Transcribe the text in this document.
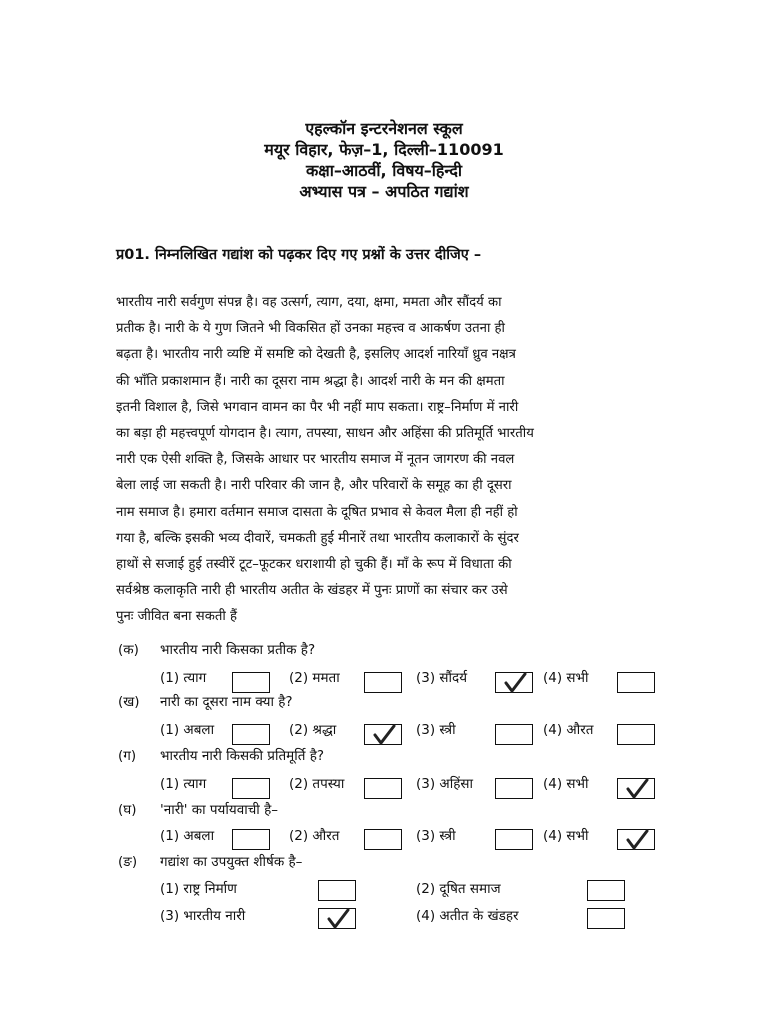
एहल्कॉन इन्टरनेशनल स्कूल
मयूर विहार, फेज़–1, दिल्ली–110091
कक्षा–आठवीं, विषय–हिन्दी
अभ्यास पत्र – अपठित गद्यांश
प्र01. निम्नलिखित गद्यांश को पढ़कर दिए गए प्रश्नों के उत्तर दीजिए –
भारतीय नारी सर्वगुण संपन्न है। वह उत्सर्ग, त्याग, दया, क्षमा, ममता और सौंदर्य का
प्रतीक है। नारी के ये गुण जितने भी विकसित हों उनका महत्त्व व आकर्षण उतना ही
बढ़ता है। भारतीय नारी व्यष्टि में समष्टि को देखती है, इसलिए आदर्श नारियाँ ध्रुव नक्षत्र
की भाँति प्रकाशमान हैं। नारी का दूसरा नाम श्रद्धा है। आदर्श नारी के मन की क्षमता
इतनी विशाल है, जिसे भगवान वामन का पैर भी नहीं माप सकता। राष्ट्र–निर्माण में नारी
का बड़ा ही महत्त्वपूर्ण योगदान है। त्याग, तपस्या, साधन और अहिंसा की प्रतिमूर्ति भारतीय
नारी एक ऐसी शक्ति है, जिसके आधार पर भारतीय समाज में नूतन जागरण की नवल
बेला लाई जा सकती है। नारी परिवार की जान है, और परिवारों के समूह का ही दूसरा
नाम समाज है। हमारा वर्तमान समाज दासता के दूषित प्रभाव से केवल मैला ही नहीं हो
गया है, बल्कि इसकी भव्य दीवारें, चमकती हुई मीनारें तथा भारतीय कलाकारों के सुंदर
हाथों से सजाई हुई तस्वीरें टूट–फूटकर धराशायी हो चुकी हैं। माँ के रूप में विधाता की
सर्वश्रेष्ठ कलाकृति नारी ही भारतीय अतीत के खंडहर में पुनः प्राणों का संचार कर उसे
पुनः जीवित बना सकती हैं
(क) भारतीय नारी किसका प्रतीक है?
(1) त्याग	(2) ममता	(3) सौंदर्य	(4) सभी
(ख) नारी का दूसरा नाम क्या है?
(1) अबला	(2) श्रद्धा	(3) स्त्री	(4) औरत
(ग) भारतीय नारी किसकी प्रतिमूर्ति है?
(1) त्याग	(2) तपस्या	(3) अहिंसा	(4) सभी
(घ) 'नारी' का पर्यायवाची है–
(1) अबला	(2) औरत	(3) स्त्री	(4) सभी
(ङ) गद्यांश का उपयुक्त शीर्षक है–
(1) राष्ट्र निर्माण	(2) दूषित समाज
(3) भारतीय नारी	(4) अतीत के खंडहर
